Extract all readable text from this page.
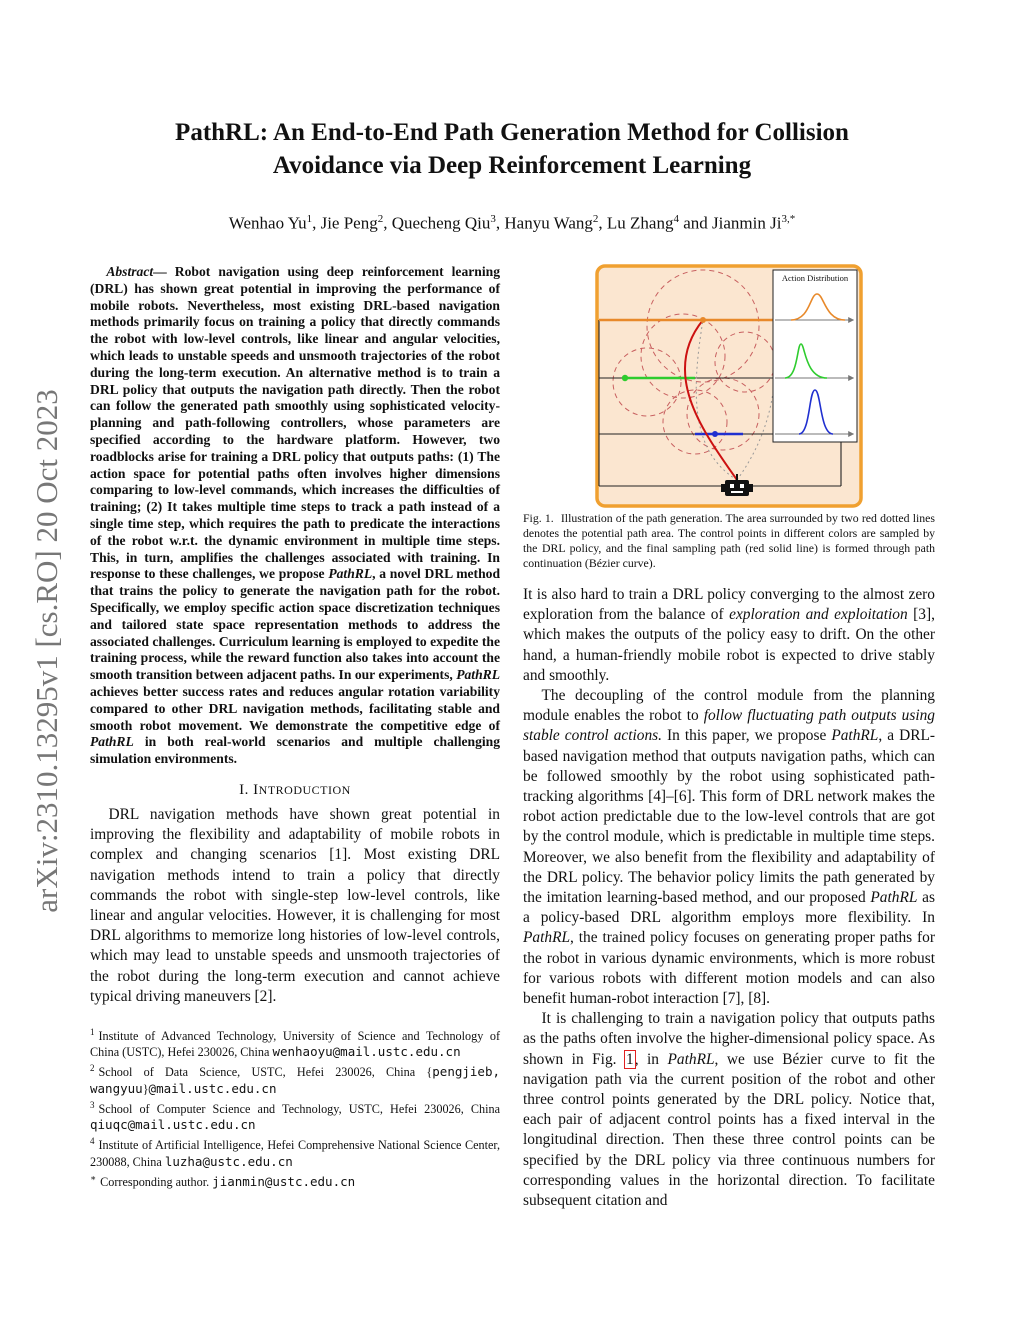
PathRL: An End-to-End Path Generation Method for Collision
Avoidance via Deep Reinforcement Learning
Wenhao Yu$^1$, Jie Peng$^2$, Quecheng Qiu$^3$, Hanyu Wang$^2$, Lu Zhang$^4$ and Jianmin $Ji^{3,*}$
arXiv:2310.13295v1 [cs.RO] 20 Oct 2023
Abstract— Robot navigation using deep reinforcement learning (DRL) has shown great potential in improving the performance of mobile robots. Nevertheless, most existing DRL-based navigation methods primarily focus on training a policy that directly commands the robot with low-level controls, like linear and angular velocities, which leads to unstable speeds and unsmooth trajectories of the robot during the long-term execution. An alternative method is to train a DRL policy that outputs the navigation path directly. Then the robot can follow the generated path smoothly using sophisticated velocity-planning and path-following controllers, whose parameters are specified according to the hardware platform. However, two roadblocks arise for training a DRL policy that outputs paths: (1) The action space for potential paths often involves higher dimensions comparing to low-level commands, which increases the difficulties of training; (2) It takes multiple time steps to track a path instead of a single time step, which requires the path to predicate the interactions of the robot w.r.t. the dynamic environment in multiple time steps. This, in turn, amplifies the challenges associated with training. In response to these challenges, we propose PathRL, a novel DRL method that trains the policy to generate the navigation path for the robot. Specifically, we employ specific action space discretization techniques and tailored state space representation methods to address the associated challenges. Curriculum learning is employed to expedite the training process, while the reward function also takes into account the smooth transition between adjacent paths. In our experiments, PathRL achieves better success rates and reduces angular rotation variability compared to other DRL navigation methods, facilitating stable and smooth robot movement. We demonstrate the competitive edge of PathRL in both real-world scenarios and multiple challenging simulation environments.
I. INTRODUCTION

DRL navigation methods have shown great potential in improving the flexibility and adaptability of mobile robots in complex and changing scenarios [1]. Most existing DRL navigation methods intend to train a policy that directly commands the robot with single-step low-level controls, like linear and angular velocities. However, it is challenging for most DRL algorithms to memorize long histories of low-level controls, which may lead to unstable speeds and unsmooth trajectories of the robot during the long-term execution and cannot achieve typical driving maneuvers [2].

$^1$ Institute of Advanced Technology, University of Science and Technology of China (USTC), Hefei 230026, China wenhaoyu@mail.ustc.edu.cn

$^2$ School of Data Science, USTC, Hefei 230026, China {pengjieb, wangyuu}@mail.ustc.edu.cn

$^3$ School of Computer Science and Technology, USTC, Hefei 230026, China qiuqc@mail.ustc.edu.cn

$^4$ Institute of Artificial Intelligence, Hefei Comprehensive National Science Center, 230088, China luzha@ustc.edu.cn

∗ Corresponding author. jianmin@ustc.edu.cn

Action Distribution
Fig. 1. Illustration of the path generation. The area surrounded by two red dotted lines denotes the potential path area. The control points in different colors are sampled by the DRL policy, and the final sampling path (red solid line) is formed through path continuation (Bézier curve).

It is also hard to train a DRL policy converging to the almost zero exploration from the balance of exploration and exploitation [3], which makes the outputs of the policy easy to drift. On the other hand, a human-friendly mobile robot is expected to drive stably and smoothly.

The decoupling of the control module from the planning module enables the robot to follow fluctuating path outputs using stable control actions. In this paper, we propose PathRL, a DRL-based navigation method that outputs navigation paths, which can be followed smoothly by the robot using sophisticated path-tracking algorithms [4]–[6]. This form of DRL network makes the robot action predictable due to the low-level controls that are got by the control module, which is predictable in multiple time steps. Moreover, we also benefit from the flexibility and adaptability of the DRL policy. The behavior policy limits the path generated by the imitation learning-based method, and our proposed PathRL as a policy-based DRL algorithm employs more flexibility. In PathRL, the trained policy focuses on generating proper paths for the robot in various dynamic environments, which is more robust for various robots with different motion models and can also benefit human-robot interaction [7], [8].

It is challenging to train a navigation policy that outputs paths as the paths often involve the higher-dimensional policy space. As shown in Fig. 1, in PathRL, we use Bézier curve to fit the navigation path via the current position of the robot and other three control points generated by the DRL policy. Notice that, each pair of adjacent control points has a fixed interval in the longitudinal direction. Then these three control points can be specified by the DRL policy via three continuous numbers for corresponding values in the horizontal direction. To facilitate subsequent citation and
